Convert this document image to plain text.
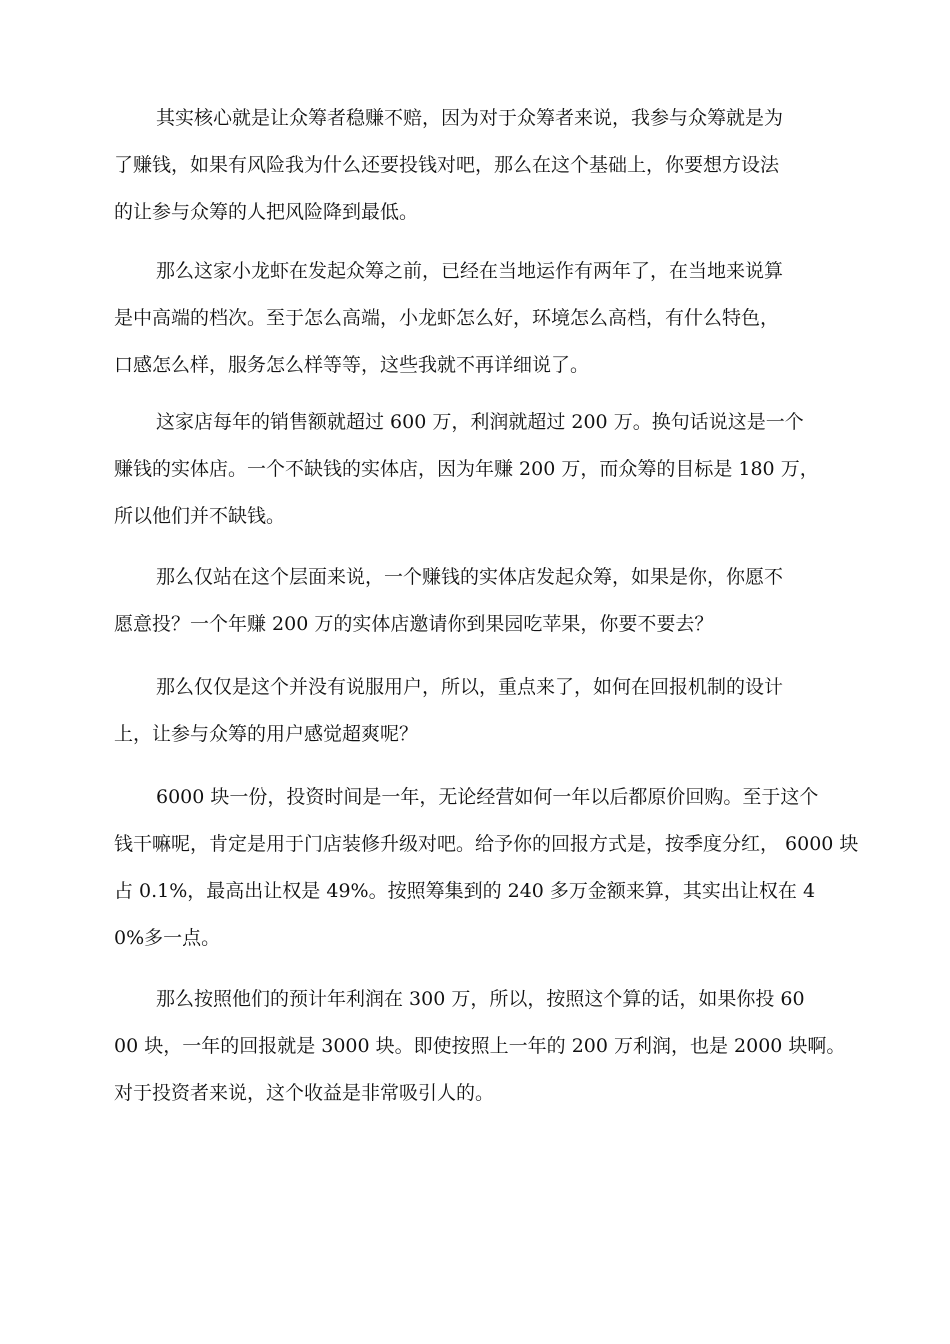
其实核心就是让众筹者稳赚不赔，因为对于众筹者来说，我参与众筹就是为
了赚钱，如果有风险我为什么还要投钱对吧，那么在这个基础上，你要想方设法
的让参与众筹的人把风险降到最低。
那么这家小龙虾在发起众筹之前，已经在当地运作有两年了，在当地来说算
是中高端的档次。至于怎么高端，小龙虾怎么好，环境怎么高档，有什么特色，
口感怎么样，服务怎么样等等，这些我就不再详细说了。
这家店每年的销售额就超过 600 万，利润就超过 200 万。换句话说这是一个
赚钱的实体店。一个不缺钱的实体店，因为年赚 200 万，而众筹的目标是 180 万，
所以他们并不缺钱。
那么仅站在这个层面来说，一个赚钱的实体店发起众筹，如果是你，你愿不
愿意投？一个年赚 200 万的实体店邀请你到果园吃苹果，你要不要去？
那么仅仅是这个并没有说服用户，所以，重点来了，如何在回报机制的设计
上，让参与众筹的用户感觉超爽呢？
6000 块一份，投资时间是一年，无论经营如何一年以后都原价回购。至于这个
钱干嘛呢，肯定是用于门店装修升级对吧。给予你的回报方式是，按季度分红， 6000 块
占 0.1%，最高出让权是 49%。按照筹集到的 240 多万金额来算，其实出让权在 4
0%多一点。
那么按照他们的预计年利润在 300 万，所以，按照这个算的话，如果你投 60
00 块，一年的回报就是 3000 块。即使按照上一年的 200 万利润，也是 2000 块啊。
对于投资者来说，这个收益是非常吸引人的。
